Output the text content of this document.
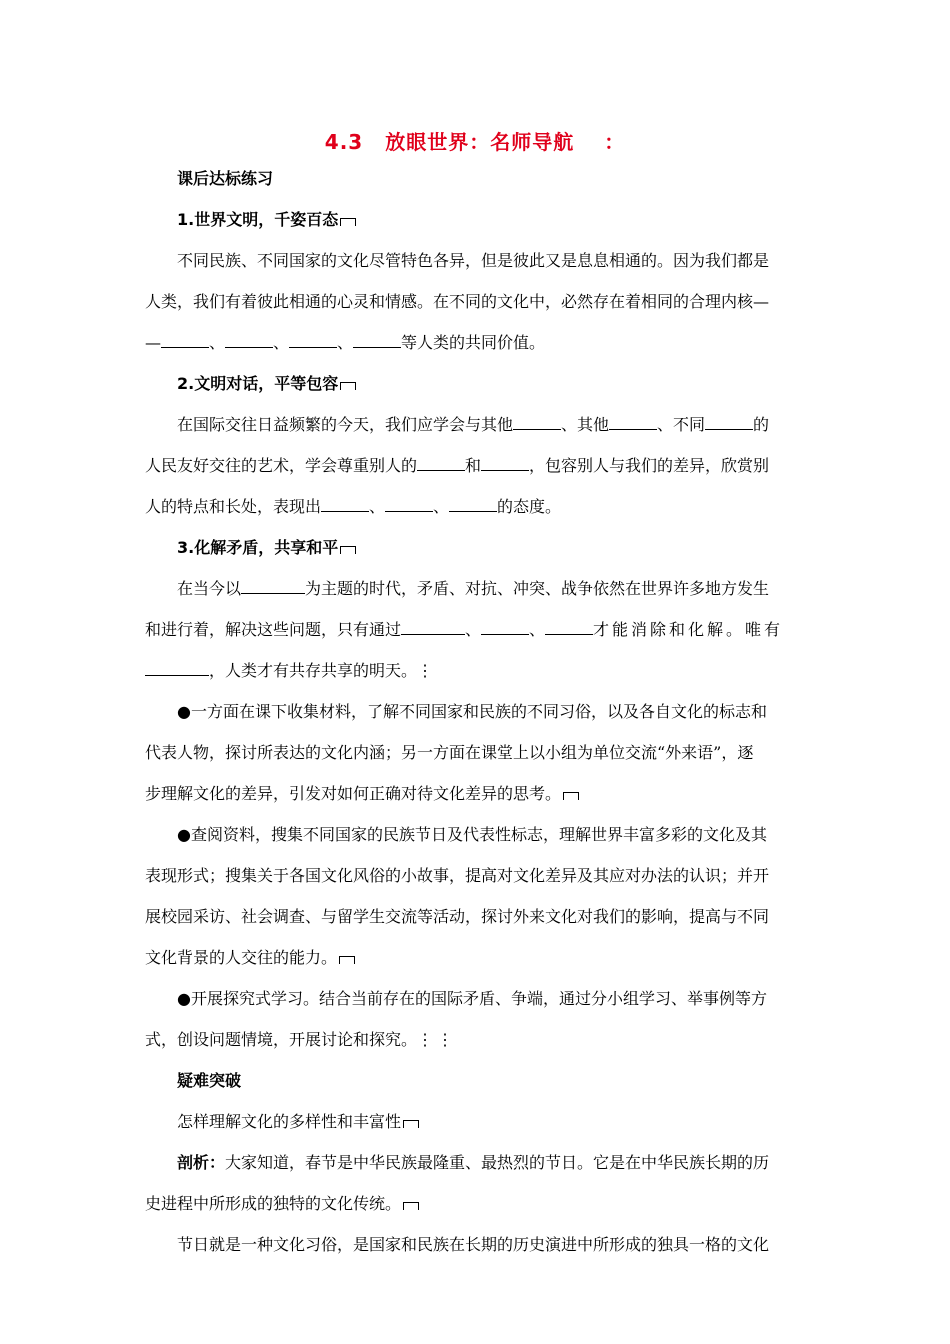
4.3 放眼世界：名师导航 ：
课后达标练习
1.世界文明，千姿百态
不同民族、不同国家的文化尽管特色各异，但是彼此又是息息相通的。因为我们都是
人类，我们有着彼此相通的心灵和情感。在不同的文化中，必然存在着相同的合理内核—
—	、	、	、	等人类的共同价值。
2.文明对话，平等包容
在国际交往日益频繁的今天，我们应学会与其他	、其他	、不同	的
人民友好交往的艺术，学会尊重别人的	和	，包容别人与我们的差异，欣赏别
人的特点和长处，表现出	、	、	的态度。
3.化解矛盾，共享和平
在当今以	为主题的时代，矛盾、对抗、冲突、战争依然在世界许多地方发生
和进行着，解决这些问题，只有通过	、	、	才能消除和化解。唯有
，人类才有共存共享的明天。⋮
●一方面在课下收集材料，了解不同国家和民族的不同习俗，以及各自文化的标志和
代表人物，探讨所表达的文化内涵；另一方面在课堂上以小组为单位交流“外来语”，逐
步理解文化的差异，引发对如何正确对待文化差异的思考。
●查阅资料，搜集不同国家的民族节日及代表性标志，理解世界丰富多彩的文化及其
表现形式；搜集关于各国文化风俗的小故事，提高对文化差异及其应对办法的认识；并开
展校园采访、社会调查、与留学生交流等活动，探讨外来文化对我们的影响，提高与不同
文化背景的人交往的能力。
●开展探究式学习。结合当前存在的国际矛盾、争端，通过分小组学习、举事例等方
式，创设问题情境，开展讨论和探究。⋮⋮
疑难突破
怎样理解文化的多样性和丰富性
剖析：大家知道，春节是中华民族最隆重、最热烈的节日。它是在中华民族长期的历
史进程中所形成的独特的文化传统。
节日就是一种文化习俗，是国家和民族在长期的历史演进中所形成的独具一格的文化
